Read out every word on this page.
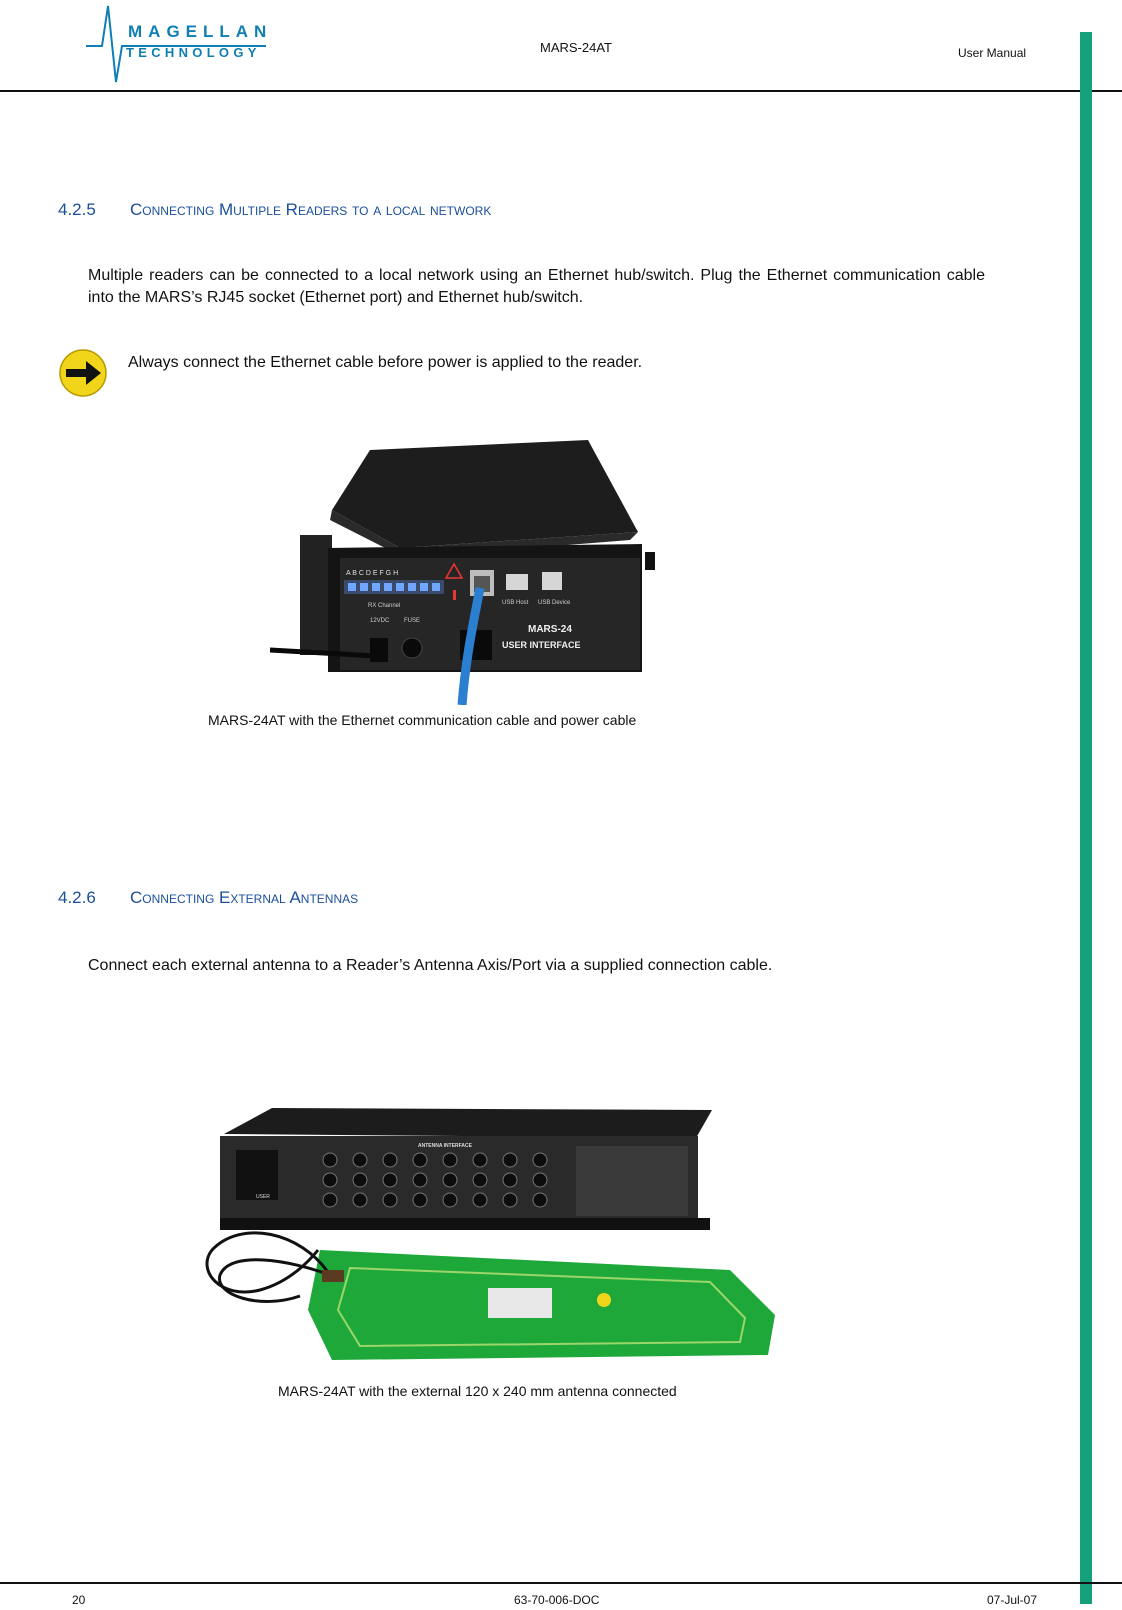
MAGELLAN
TECHNOLOGY	MARS-24AT	User Manual
4.2.5 Connecting Multiple Readers to a local network
Multiple readers can be connected to a local network using an Ethernet hub/switch. Plug the Ethernet communication cable into the MARS’s RJ45 socket (Ethernet port) and Ethernet hub/switch.
Always connect the Ethernet cable before power is applied to the reader.
A B C D E F G H
RX Channel	USB Host USB Device
12VDC FUSE
MARS-24
USER INTERFACE
MARS-24AT with the Ethernet communication cable and power cable
4.2.6 Connecting External Antennas
Connect each external antenna to a Reader’s Antenna Axis/Port via a supplied connection cable.
USER
ANTENNA INTERFACE
MARS-24AT with the external 120 x 240 mm antenna connected
20	63-70-006-DOC	07-Jul-07
